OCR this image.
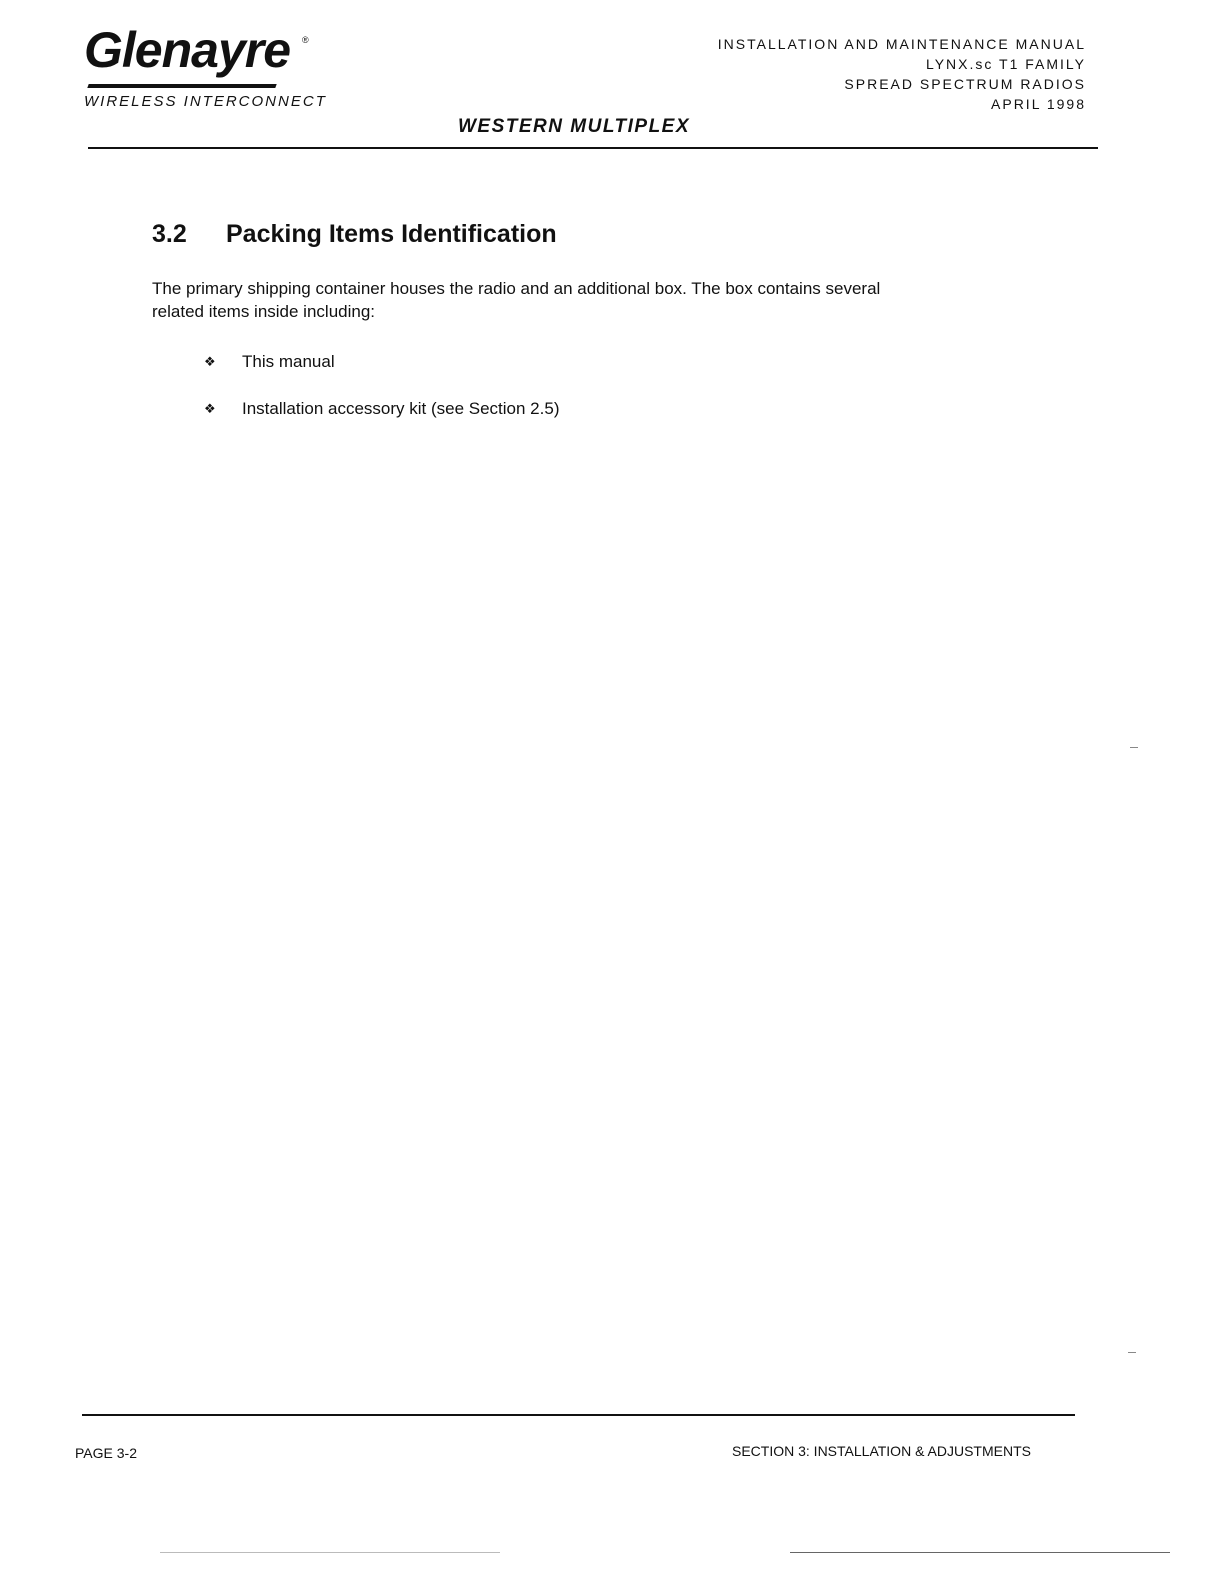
Glenayre ®
WIRELESS INTERCONNECT
INSTALLATION AND MAINTENANCE MANUAL
LYNX.sc T1 FAMILY
SPREAD SPECTRUM RADIOS
APRIL 1998
WESTERN MULTIPLEX
3.2 Packing Items Identification
The primary shipping container houses the radio and an additional box. The box contains several
related items inside including:
❖	This manual
❖	Installation accessory kit (see Section 2.5)
PAGE 3-2	SECTION 3: INSTALLATION & ADJUSTMENTS
